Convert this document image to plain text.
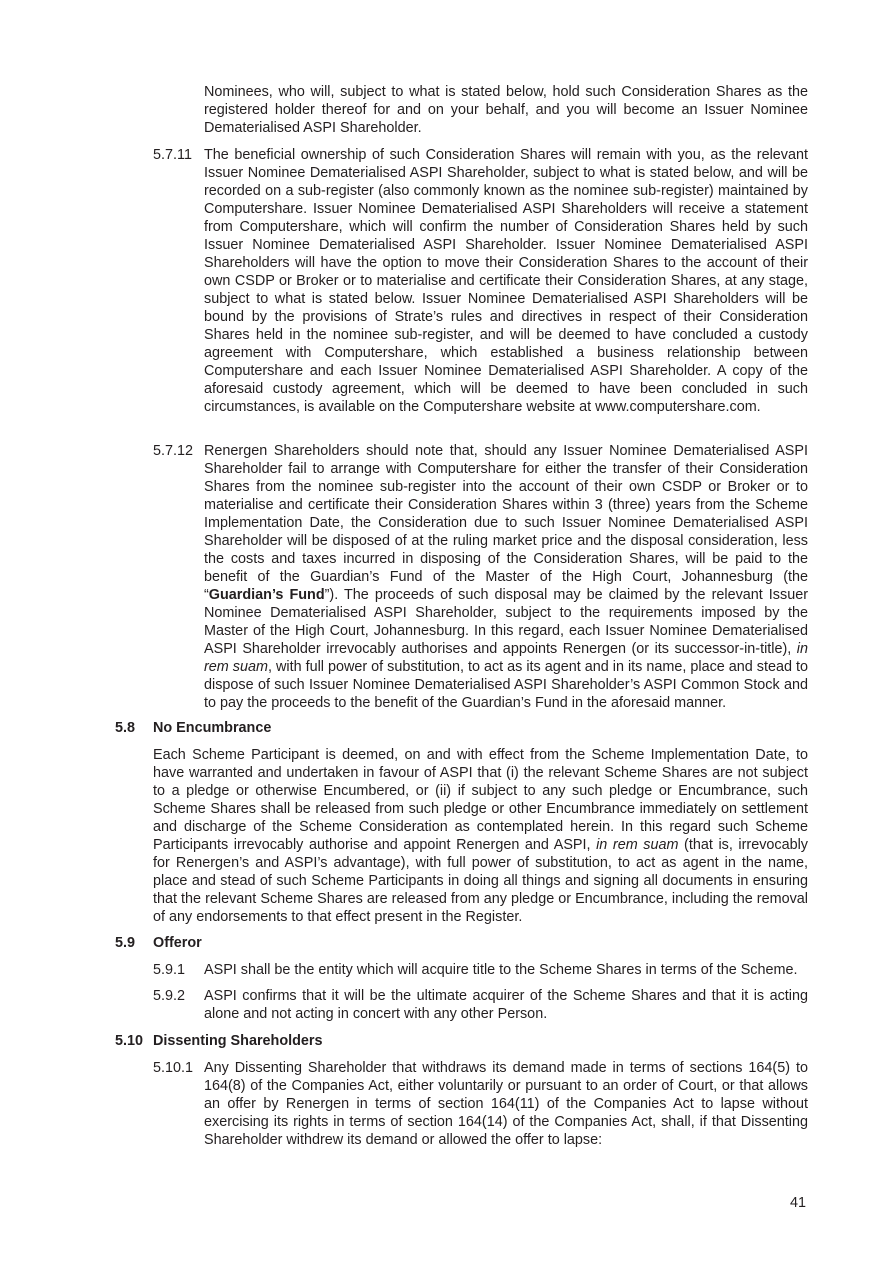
Nominees, who will, subject to what is stated below, hold such Consideration Shares as the registered holder thereof for and on your behalf, and you will become an Issuer Nominee Dematerialised ASPI Shareholder.
5.7.11 The beneficial ownership of such Consideration Shares will remain with you, as the relevant Issuer Nominee Dematerialised ASPI Shareholder, subject to what is stated below, and will be recorded on a sub-register (also commonly known as the nominee sub-register) maintained by Computershare. Issuer Nominee Dematerialised ASPI Shareholders will receive a statement from Computershare, which will confirm the number of Consideration Shares held by such Issuer Nominee Dematerialised ASPI Shareholder. Issuer Nominee Dematerialised ASPI Shareholders will have the option to move their Consideration Shares to the account of their own CSDP or Broker or to materialise and certificate their Consideration Shares, at any stage, subject to what is stated below. Issuer Nominee Dematerialised ASPI Shareholders will be bound by the provisions of Strate’s rules and directives in respect of their Consideration Shares held in the nominee sub-register, and will be deemed to have concluded a custody agreement with Computershare, which established a business relationship between Computershare and each Issuer Nominee Dematerialised ASPI Shareholder. A copy of the aforesaid custody agreement, which will be deemed to have been concluded in such circumstances, is available on the Computershare website at www.computershare.com.
5.7.12 Renergen Shareholders should note that, should any Issuer Nominee Dematerialised ASPI Shareholder fail to arrange with Computershare for either the transfer of their Consideration Shares from the nominee sub-register into the account of their own CSDP or Broker or to materialise and certificate their Consideration Shares within 3 (three) years from the Scheme Implementation Date, the Consideration due to such Issuer Nominee Dematerialised ASPI Shareholder will be disposed of at the ruling market price and the disposal consideration, less the costs and taxes incurred in disposing of the Consideration Shares, will be paid to the benefit of the Guardian’s Fund of the Master of the High Court, Johannesburg (the “Guardian’s Fund”). The proceeds of such disposal may be claimed by the relevant Issuer Nominee Dematerialised ASPI Shareholder, subject to the requirements imposed by the Master of the High Court, Johannesburg. In this regard, each Issuer Nominee Dematerialised ASPI Shareholder irrevocably authorises and appoints Renergen (or its successor-in-title), in rem suam, with full power of substitution, to act as its agent and in its name, place and stead to dispose of such Issuer Nominee Dematerialised ASPI Shareholder’s ASPI Common Stock and to pay the proceeds to the benefit of the Guardian’s Fund in the aforesaid manner.
5.8 No Encumbrance
Each Scheme Participant is deemed, on and with effect from the Scheme Implementation Date, to have warranted and undertaken in favour of ASPI that (i) the relevant Scheme Shares are not subject to a pledge or otherwise Encumbered, or (ii) if subject to any such pledge or Encumbrance, such Scheme Shares shall be released from such pledge or other Encumbrance immediately on settlement and discharge of the Scheme Consideration as contemplated herein. In this regard such Scheme Participants irrevocably authorise and appoint Renergen and ASPI, in rem suam (that is, irrevocably for Renergen’s and ASPI’s advantage), with full power of substitution, to act as agent in the name, place and stead of such Scheme Participants in doing all things and signing all documents in ensuring that the relevant Scheme Shares are released from any pledge or Encumbrance, including the removal of any endorsements to that effect present in the Register.
5.9 Offeror
5.9.1 ASPI shall be the entity which will acquire title to the Scheme Shares in terms of the Scheme.
5.9.2 ASPI confirms that it will be the ultimate acquirer of the Scheme Shares and that it is acting alone and not acting in concert with any other Person.
5.10 Dissenting Shareholders
5.10.1 Any Dissenting Shareholder that withdraws its demand made in terms of sections 164(5) to 164(8) of the Companies Act, either voluntarily or pursuant to an order of Court, or that allows an offer by Renergen in terms of section 164(11) of the Companies Act to lapse without exercising its rights in terms of section 164(14) of the Companies Act, shall, if that Dissenting Shareholder withdrew its demand or allowed the offer to lapse:
41
